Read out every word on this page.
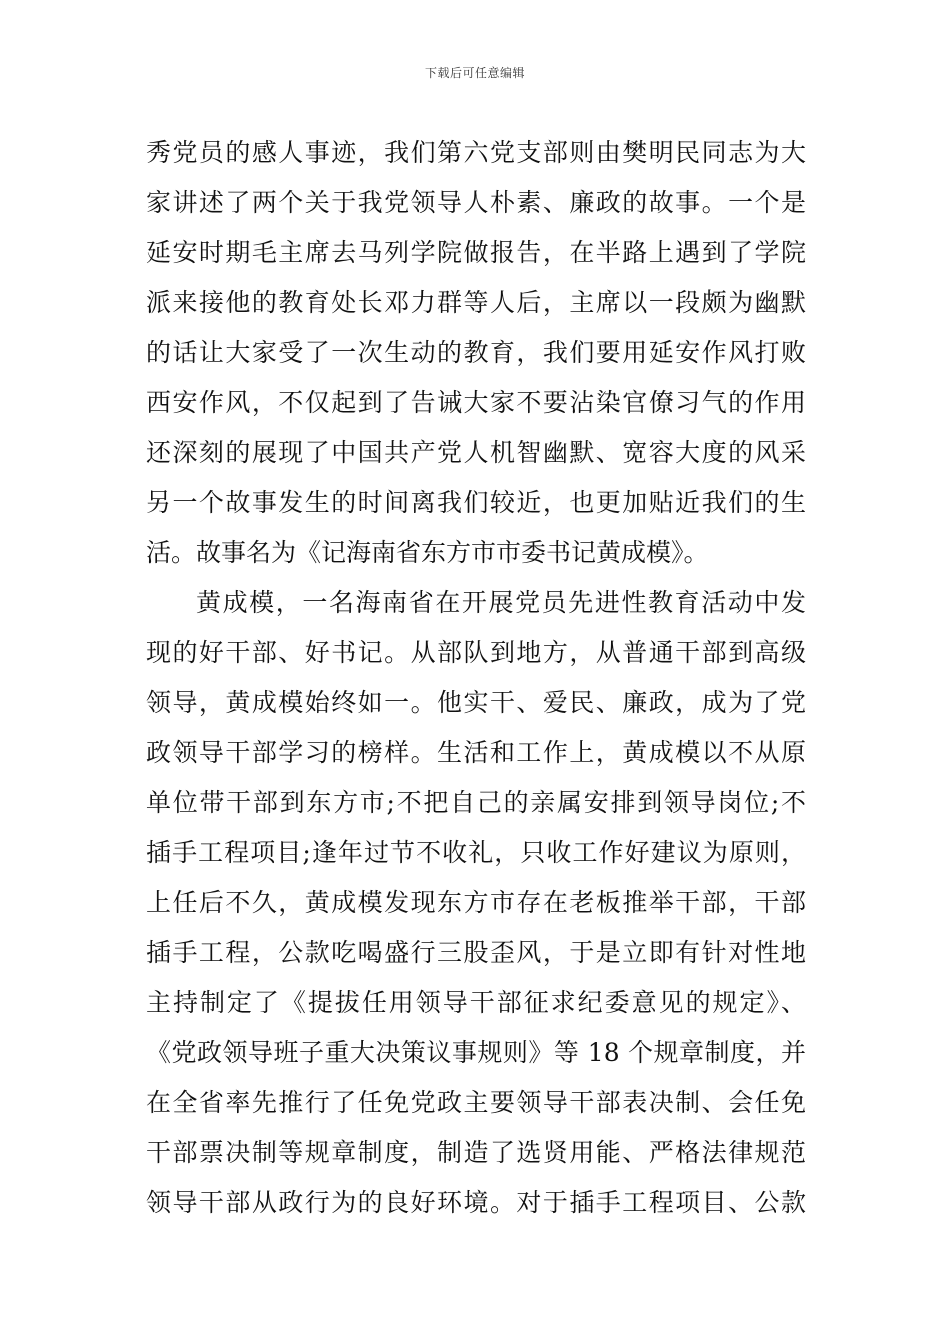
下载后可任意编辑
秀党员的感人事迹，我们第六党支部则由樊明民同志为大
家讲述了两个关于我党领导人朴素、廉政的故事。一个是
延安时期毛主席去马列学院做报告，在半路上遇到了学院
派来接他的教育处长邓力群等人后，主席以一段颇为幽默
的话让大家受了一次生动的教育，我们要用延安作风打败
西安作风，不仅起到了告诫大家不要沾染官僚习气的作用
还深刻的展现了中国共产党人机智幽默、宽容大度的风采
另一个故事发生的时间离我们较近，也更加贴近我们的生
活。故事名为《记海南省东方市市委书记黄成模》。
黄成模，一名海南省在开展党员先进性教育活动中发
现的好干部、好书记。从部队到地方，从普通干部到高级
领导，黄成模始终如一。他实干、爱民、廉政，成为了党
政领导干部学习的榜样。生活和工作上，黄成模以不从原
单位带干部到东方市;不把自己的亲属安排到领导岗位;不
插手工程项目;逢年过节不收礼，只收工作好建议为原则，
上任后不久，黄成模发现东方市存在老板推举干部，干部
插手工程，公款吃喝盛行三股歪风，于是立即有针对性地
主持制定了《提拔任用领导干部征求纪委意见的规定》、
《党政领导班子重大决策议事规则》等 18 个规章制度，并
在全省率先推行了任免党政主要领导干部表决制、会任免
干部票决制等规章制度，制造了选贤用能、严格法律规范
领导干部从政行为的良好环境。对于插手工程项目、公款
